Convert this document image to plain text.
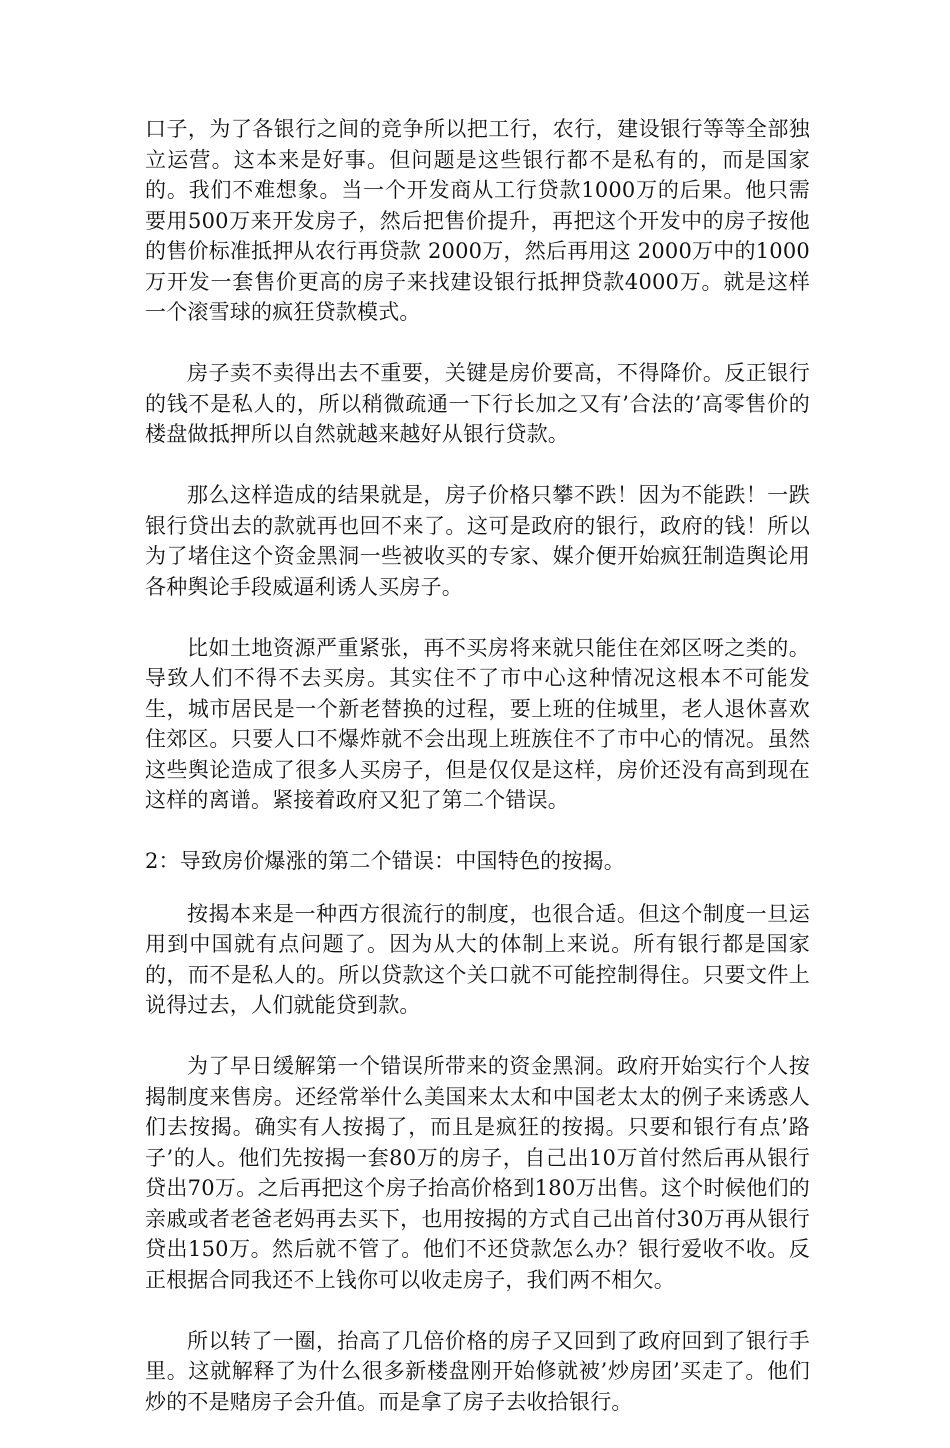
口子，为了各银行之间的竞争所以把工行，农行，建设银行等等全部独立运营。这本来是好事。但问题是这些银行都不是私有的，而是国家的。我们不难想象。当一个开发商从工行贷款1000万的后果。他只需要用500万来开发房子，然后把售价提升，再把这个开发中的房子按他的售价标准抵押从农行再贷款 2000万，然后再用这 2000万中的1000万开发一套售价更高的房子来找建设银行抵押贷款4000万。就是这样一个滚雪球的疯狂贷款模式。

房子卖不卖得出去不重要，关键是房价要高，不得降价。反正银行的钱不是私人的，所以稍微疏通一下行长加之又有’合法的’高零售价的楼盘做抵押所以自然就越来越好从银行贷款。

那么这样造成的结果就是，房子价格只攀不跌！因为不能跌！一跌银行贷出去的款就再也回不来了。这可是政府的银行，政府的钱！所以为了堵住这个资金黑洞一些被收买的专家、媒介便开始疯狂制造舆论用各种舆论手段威逼利诱人买房子。

比如土地资源严重紧张，再不买房将来就只能住在郊区呀之类的。导致人们不得不去买房。其实住不了市中心这种情况这根本不可能发生，城市居民是一个新老替换的过程，要上班的住城里，老人退休喜欢住郊区。只要人口不爆炸就不会出现上班族住不了市中心的情况。虽然这些舆论造成了很多人买房子，但是仅仅是这样，房价还没有高到现在这样的离谱。紧接着政府又犯了第二个错误。

2：导致房价爆涨的第二个错误：中国特色的按揭。

按揭本来是一种西方很流行的制度，也很合适。但这个制度一旦运用到中国就有点问题了。因为从大的体制上来说。所有银行都是国家的，而不是私人的。所以贷款这个关口就不可能控制得住。只要文件上说得过去，人们就能贷到款。

为了早日缓解第一个错误所带来的资金黑洞。政府开始实行个人按揭制度来售房。还经常举什么美国来太太和中国老太太的例子来诱惑人们去按揭。确实有人按揭了，而且是疯狂的按揭。只要和银行有点’路子’的人。他们先按揭一套80万的房子，自己出10万首付然后再从银行贷出70万。之后再把这个房子抬高价格到180万出售。这个时候他们的亲戚或者老爸老妈再去买下，也用按揭的方式自己出首付30万再从银行贷出150万。然后就不管了。他们不还贷款怎么办？银行爱收不收。反正根据合同我还不上钱你可以收走房子，我们两不相欠。

所以转了一圈，抬高了几倍价格的房子又回到了政府回到了银行手里。这就解释了为什么很多新楼盘刚开始修就被’炒房团’买走了。他们炒的不是赌房子会升值。而是拿了房子去收拾银行。
